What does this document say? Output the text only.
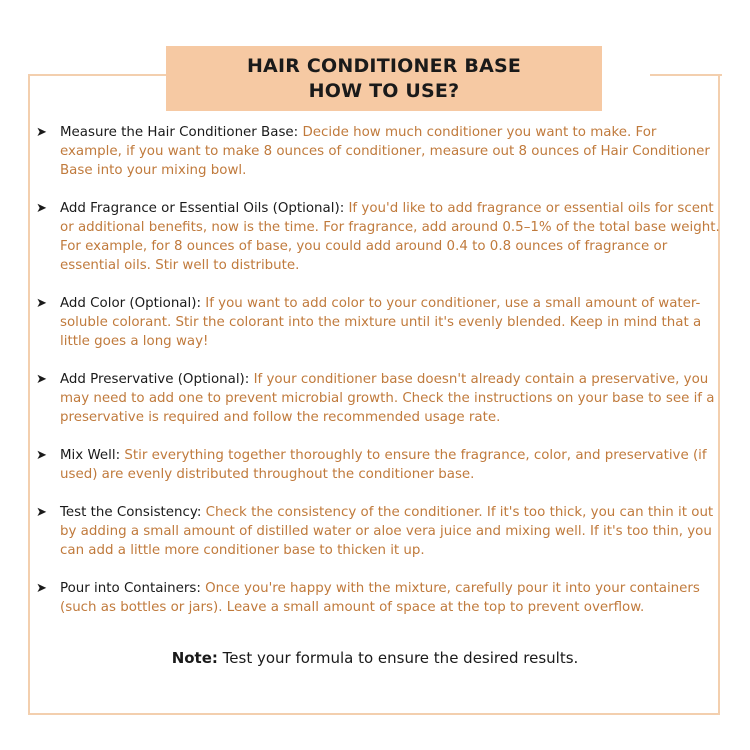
HAIR CONDITIONER BASE
HOW TO USE?
➤ Measure the Hair Conditioner Base: Decide how much conditioner you want to make. For example, if you want to make 8 ounces of conditioner, measure out 8 ounces of Hair Conditioner Base into your mixing bowl.
➤ Add Fragrance or Essential Oils (Optional): If you'd like to add fragrance or essential oils for scent or additional benefits, now is the time. For fragrance, add around 0.5–1% of the total base weight. For example, for 8 ounces of base, you could add around 0.4 to 0.8 ounces of fragrance or essential oils. Stir well to distribute.
➤ Add Color (Optional): If you want to add color to your conditioner, use a small amount of water-soluble colorant. Stir the colorant into the mixture until it's evenly blended. Keep in mind that a little goes a long way!
➤ Add Preservative (Optional): If your conditioner base doesn't already contain a preservative, you may need to add one to prevent microbial growth. Check the instructions on your base to see if a preservative is required and follow the recommended usage rate.
➤ Mix Well: Stir everything together thoroughly to ensure the fragrance, color, and preservative (if used) are evenly distributed throughout the conditioner base.
➤ Test the Consistency: Check the consistency of the conditioner. If it's too thick, you can thin it out by adding a small amount of distilled water or aloe vera juice and mixing well. If it's too thin, you can add a little more conditioner base to thicken it up.
➤ Pour into Containers: Once you're happy with the mixture, carefully pour it into your containers (such as bottles or jars). Leave a small amount of space at the top to prevent overflow.
Note: Test your formula to ensure the desired results.
